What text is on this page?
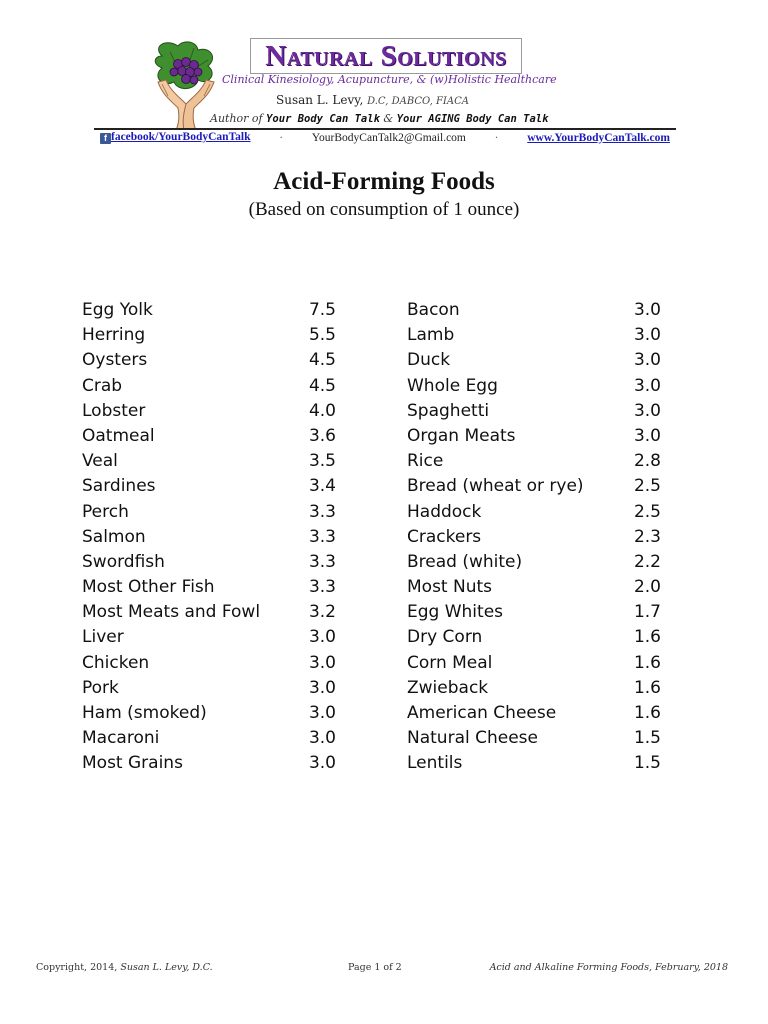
Natural Solutions
Clinical Kinesiology, Acupuncture, & (w)Holistic Healthcare
Susan L. Levy, D.C, DABCO, FIACA
Author of Your Body Can Talk & Your AGING Body Can Talk
f facebook/YourBodyCanTalk	·	YourBodyCanTalk2@Gmail.com	·	www.YourBodyCanTalk.com
Acid-Forming Foods
(Based on consumption of 1 ounce)
Egg Yolk	7.5
Herring	5.5
Oysters	4.5
Crab	4.5
Lobster	4.0
Oatmeal	3.6
Veal	3.5
Sardines	3.4
Perch	3.3
Salmon	3.3
Swordfish	3.3
Most Other Fish	3.3
Most Meats and Fowl	3.2
Liver	3.0
Chicken	3.0
Pork	3.0
Ham (smoked)	3.0
Macaroni	3.0
Most Grains	3.0
Bacon	3.0
Lamb	3.0
Duck	3.0
Whole Egg	3.0
Spaghetti	3.0
Organ Meats	3.0
Rice	2.8
Bread (wheat or rye)	2.5
Haddock	2.5
Crackers	2.3
Bread (white)	2.2
Most Nuts	2.0
Egg Whites	1.7
Dry Corn	1.6
Corn Meal	1.6
Zwieback	1.6
American Cheese	1.6
Natural Cheese	1.5
Lentils	1.5
Copyright, 2014, Susan L. Levy, D.C.	Page 1 of 2	Acid and Alkaline Forming Foods, February, 2018
